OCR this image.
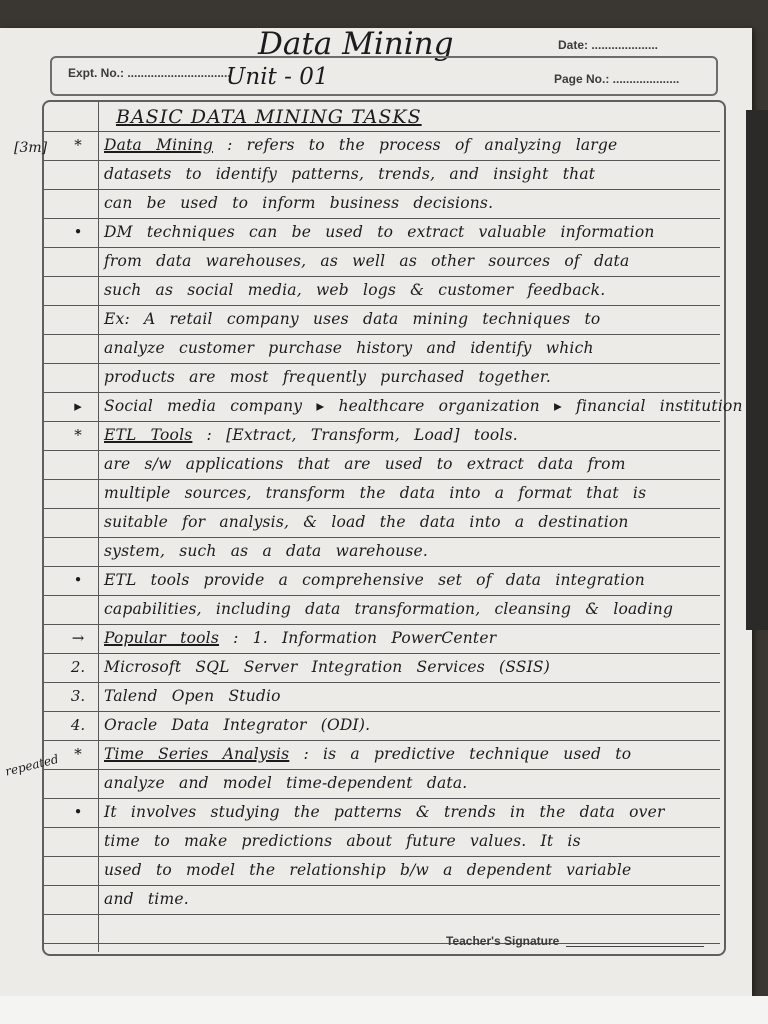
Data Mining	Date: ....................
Expt. No.: ...............................
Unit - 01	Page No.: ....................
*	Data Mining : refers to the process of analyzing large
datasets to identify patterns, trends, and insight that
can be used to inform business decisions.
•	DM techniques can be used to extract valuable information
from data warehouses, as well as other sources of data
such as social media, web logs & customer feedback.
Ex: A retail company uses data mining techniques to
analyze customer purchase history and identify which
products are most frequently purchased together.
▸	Social media company ▸ healthcare organization ▸ financial institution
*	ETL Tools : [Extract, Transform, Load] tools.
are s/w applications that are used to extract data from
multiple sources, transform the data into a format that is
suitable for analysis, & load the data into a destination
system, such as a data warehouse.
•	ETL tools provide a comprehensive set of data integration
capabilities, including data transformation, cleansing & loading
→	Popular tools : 1. Information PowerCenter
2.	Microsoft SQL Server Integration Services (SSIS)
3.	Talend Open Studio
4.	Oracle Data Integrator (ODI).
*	Time Series Analysis : is a predictive technique used to
analyze and model time-dependent data.
•	It involves studying the patterns & trends in the data over
time to make predictions about future values. It is
used to model the relationship b/w a dependent variable
and time.
BASIC DATA MINING TASKS
[3m]
repeated
Teacher's Signature
